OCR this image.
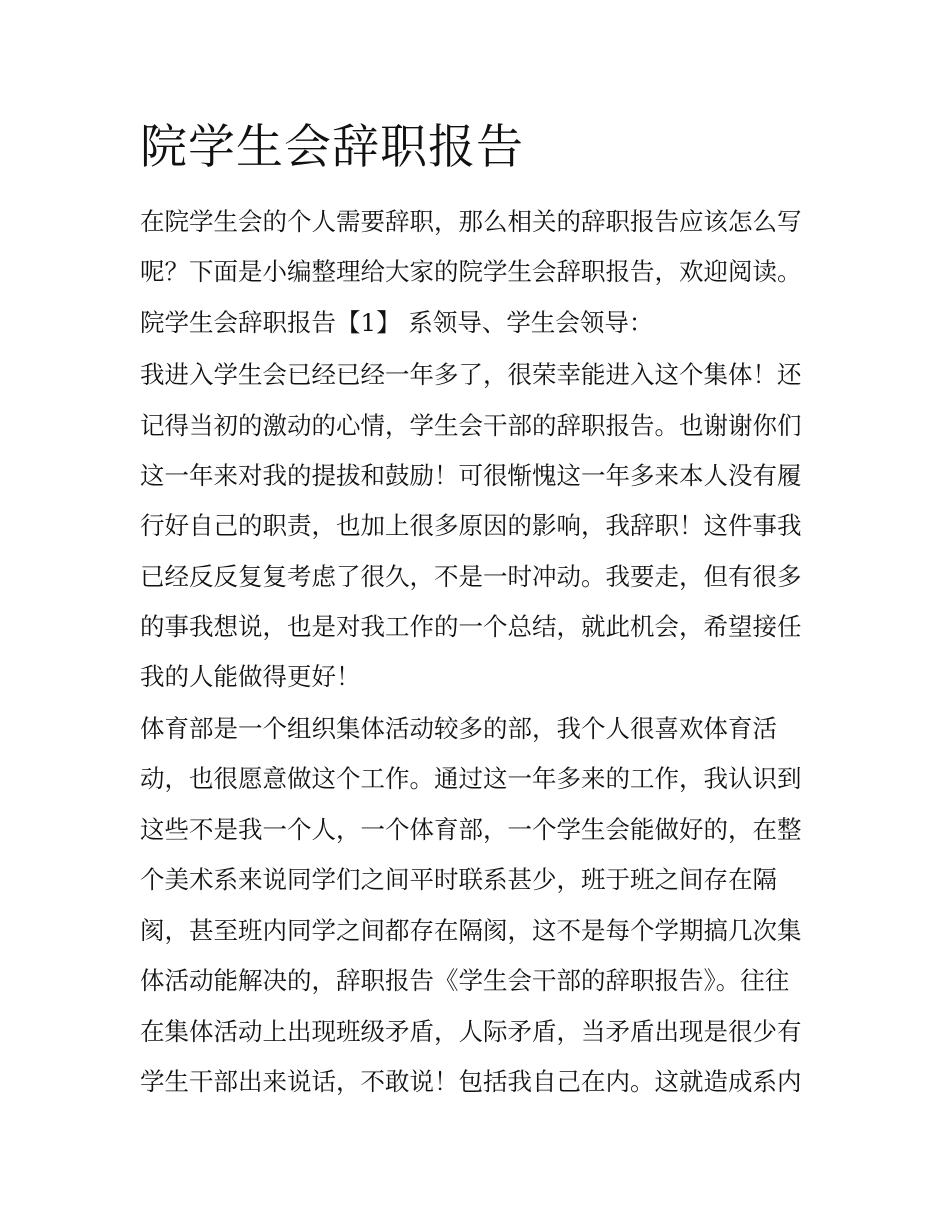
院学生会辞职报告
在院学生会的个人需要辞职，那么相关的辞职报告应该怎么写
呢？下面是小编整理给大家的院学生会辞职报告，欢迎阅读。
院学生会辞职报告【1】 系领导、学生会领导：
我进入学生会已经已经一年多了，很荣幸能进入这个集体！还
记得当初的激动的心情，学生会干部的辞职报告。也谢谢你们
这一年来对我的提拔和鼓励！可很惭愧这一年多来本人没有履
行好自己的职责，也加上很多原因的影响，我辞职！这件事我
已经反反复复考虑了很久，不是一时冲动。我要走，但有很多
的事我想说，也是对我工作的一个总结，就此机会，希望接任
我的人能做得更好！
体育部是一个组织集体活动较多的部，我个人很喜欢体育活
动，也很愿意做这个工作。通过这一年多来的工作，我认识到
这些不是我一个人，一个体育部，一个学生会能做好的，在整
个美术系来说同学们之间平时联系甚少，班于班之间存在隔
阂，甚至班内同学之间都存在隔阂，这不是每个学期搞几次集
体活动能解决的，辞职报告《学生会干部的辞职报告》。往往
在集体活动上出现班级矛盾，人际矛盾，当矛盾出现是很少有
学生干部出来说话，不敢说！包括我自己在内。这就造成系内
